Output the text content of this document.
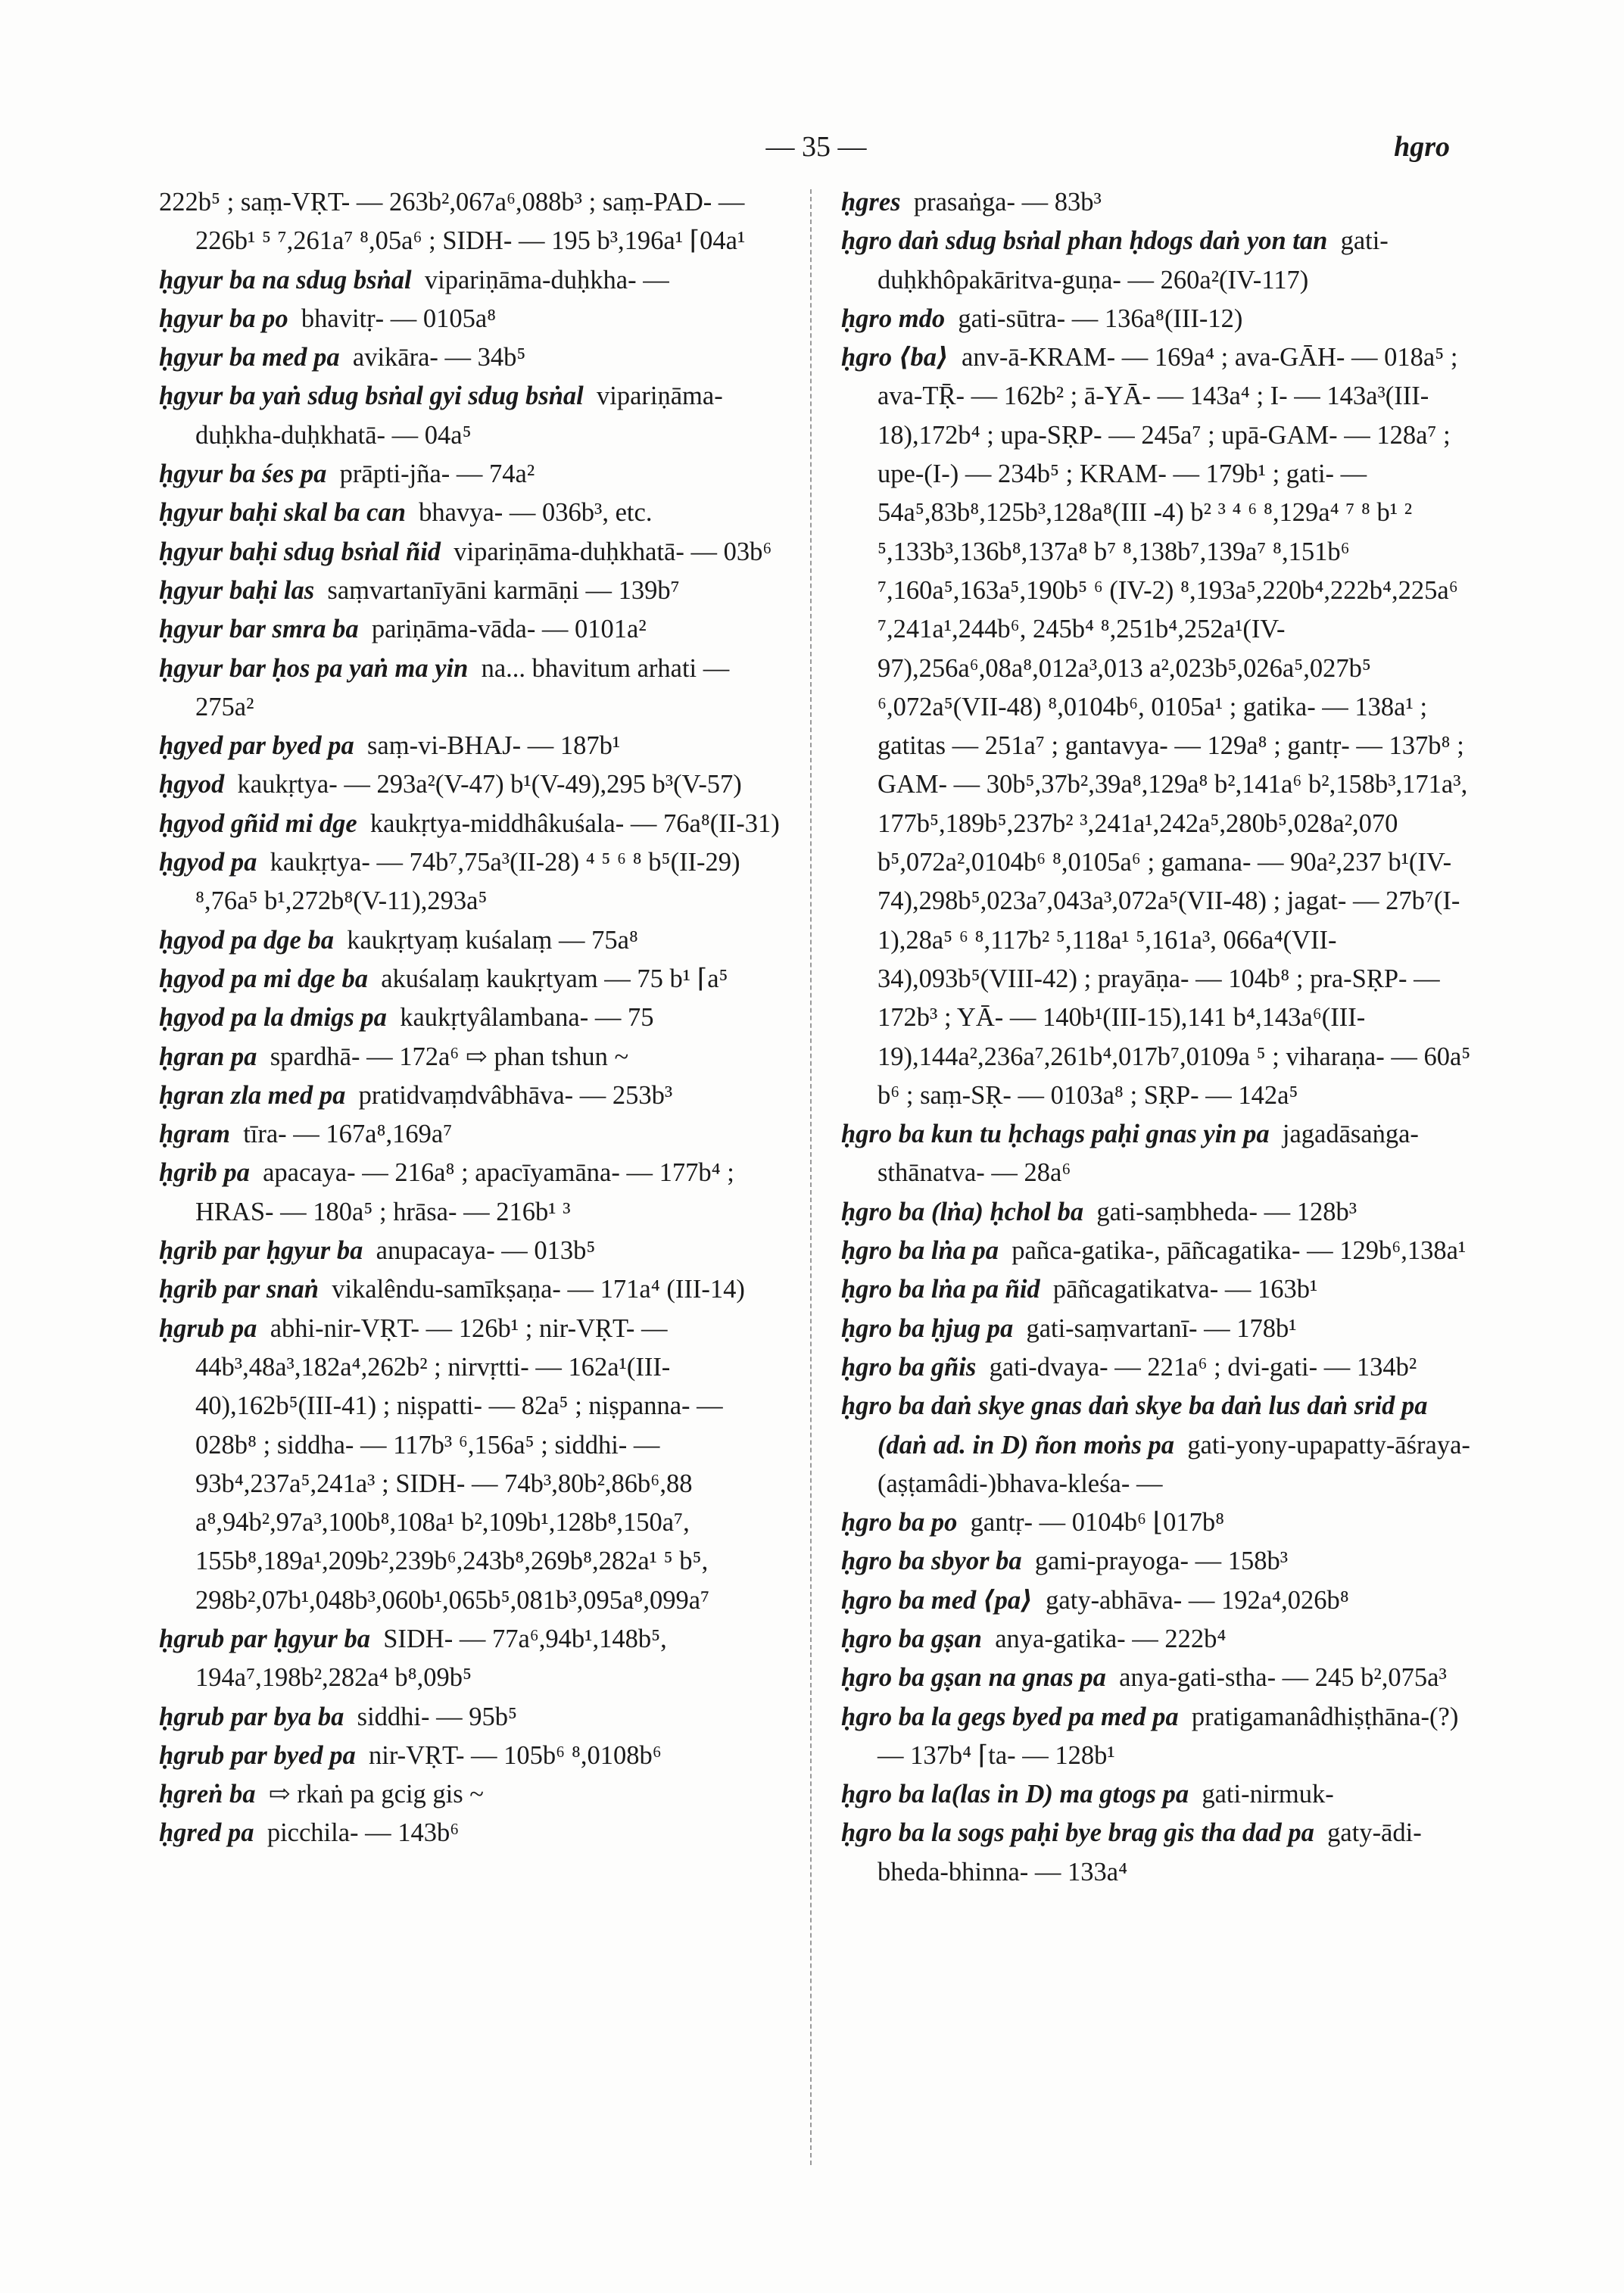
— 35 —	hgro
222b⁵ ; saṃ-VṚT- — 263b²,067a⁶,088b³ ; saṃ-PAD- — 226b¹ ⁵ ⁷,261a⁷ ⁸,05a⁶ ; SIDH- — 195 b³,196a¹ ⌈04a¹
ḥgyur ba na sdug bsṅal vipariṇāma-duḥkha- —
ḥgyur ba po bhavitṛ- — 0105a⁸
ḥgyur ba med pa avikāra- — 34b⁵
ḥgyur ba yaṅ sdug bsṅal gyi sdug bsṅal vipariṇāma-duḥkha-duḥkhatā- — 04a⁵
ḥgyur ba śes pa prāpti-jña- — 74a²
ḥgyur baḥi skal ba can bhavya- — 036b³, etc.
ḥgyur baḥi sdug bsṅal ñid vipariṇāma-duḥkhatā- — 03b⁶
ḥgyur baḥi las saṃvartanīyāni karmāṇi — 139b⁷
ḥgyur bar smra ba pariṇāma-vāda- — 0101a²
ḥgyur bar ḥos pa yaṅ ma yin na... bhavitum arhati — 275a²
ḥgyed par byed pa saṃ-vi-BHAJ- — 187b¹
ḥgyod kaukṛtya- — 293a²(V-47) b¹(V-49),295 b³(V-57)
ḥgyod gñid mi dge kaukṛtya-middhâkuśala- — 76a⁸(II-31)
ḥgyod pa kaukṛtya- — 74b⁷,75a³(II-28) ⁴ ⁵ ⁶ ⁸ b⁵(II-29) ⁸,76a⁵ b¹,272b⁸(V-11),293a⁵
ḥgyod pa dge ba kaukṛtyaṃ kuśalaṃ — 75a⁸
ḥgyod pa mi dge ba akuśalaṃ kaukṛtyam — 75 b¹ ⌈a⁵
ḥgyod pa la dmigs pa kaukṛtyâlambana- — 75
ḥgran pa spardhā- — 172a⁶ ⇨ phan tshun ~
ḥgran zla med pa pratidvaṃdvâbhāva- — 253b³
ḥgram tīra- — 167a⁸,169a⁷
ḥgrib pa apacaya- — 216a⁸ ; apacīyamāna- — 177b⁴ ; HRAS- — 180a⁵ ; hrāsa- — 216b¹ ³
ḥgrib par ḥgyur ba anupacaya- — 013b⁵
ḥgrib par snaṅ vikalêndu-samīkṣaṇa- — 171a⁴ (III-14)
ḥgrub pa abhi-nir-VṚT- — 126b¹ ; nir-VṚT- — 44b³,48a³,182a⁴,262b² ; nirvṛtti- — 162a¹(III-40),162b⁵(III-41) ; niṣpatti- — 82a⁵ ; niṣpanna- — 028b⁸ ; siddha- — 117b³ ⁶,156a⁵ ; siddhi- — 93b⁴,237a⁵,241a³ ; SIDH- — 74b³,80b²,86b⁶,88 a⁸,94b²,97a³,100b⁸,108a¹ b²,109b¹,128b⁸,150a⁷, 155b⁸,189a¹,209b²,239b⁶,243b⁸,269b⁸,282a¹ ⁵ b⁵, 298b²,07b¹,048b³,060b¹,065b⁵,081b³,095a⁸,099a⁷
ḥgrub par ḥgyur ba SIDH- — 77a⁶,94b¹,148b⁵, 194a⁷,198b²,282a⁴ b⁸,09b⁵
ḥgrub par bya ba siddhi- — 95b⁵
ḥgrub par byed pa nir-VṚT- — 105b⁶ ⁸,0108b⁶
ḥgreṅ ba ⇨ rkaṅ pa gcig gis ~
ḥgred pa picchila- — 143b⁶
ḥgres prasaṅga- — 83b³
ḥgro daṅ sdug bsṅal phan ḥdogs daṅ yon tan gati-duḥkhôpakāritva-guṇa- — 260a²(IV-117)
ḥgro mdo gati-sūtra- — 136a⁸(III-12)
ḥgro ⟨ba⟩ anv-ā-KRAM- — 169a⁴ ; ava-GĀH- — 018a⁵ ; ava-TṜ- — 162b² ; ā-YĀ- — 143a⁴ ; I- — 143a³(III-18),172b⁴ ; upa-SṚP- — 245a⁷ ; upā-GAM- — 128a⁷ ; upe-(I-) — 234b⁵ ; KRAM- — 179b¹ ; gati- — 54a⁵,83b⁸,125b³,128a⁸(III -4) b² ³ ⁴ ⁶ ⁸,129a⁴ ⁷ ⁸ b¹ ² ⁵,133b³,136b⁸,137a⁸ b⁷ ⁸,138b⁷,139a⁷ ⁸,151b⁶ ⁷,160a⁵,163a⁵,190b⁵ ⁶ (IV-2) ⁸,193a⁵,220b⁴,222b⁴,225a⁶ ⁷,241a¹,244b⁶, 245b⁴ ⁸,251b⁴,252a¹(IV-97),256a⁶,08a⁸,012a³,013 a²,023b⁵,026a⁵,027b⁵ ⁶,072a⁵(VII-48) ⁸,0104b⁶, 0105a¹ ; gatika- — 138a¹ ; gatitas — 251a⁷ ; gantavya- — 129a⁸ ; gantṛ- — 137b⁸ ; GAM- — 30b⁵,37b²,39a⁸,129a⁸ b²,141a⁶ b²,158b³,171a³, 177b⁵,189b⁵,237b² ³,241a¹,242a⁵,280b⁵,028a²,070 b⁵,072a²,0104b⁶ ⁸,0105a⁶ ; gamana- — 90a²,237 b¹(IV-74),298b⁵,023a⁷,043a³,072a⁵(VII-48) ; jagat- — 27b⁷(I-1),28a⁵ ⁶ ⁸,117b² ⁵,118a¹ ⁵,161a³, 066a⁴(VII-34),093b⁵(VIII-42) ; prayāṇa- — 104b⁸ ; pra-SṚP- — 172b³ ; YĀ- — 140b¹(III-15),141 b⁴,143a⁶(III-19),144a²,236a⁷,261b⁴,017b⁷,0109a ⁵ ; viharaṇa- — 60a⁵ b⁶ ; saṃ-SṚ- — 0103a⁸ ; SṚP- — 142a⁵
ḥgro ba kun tu ḥchags paḥi gnas yin pa jagadāsaṅga-sthānatva- — 28a⁶
ḥgro ba (lṅa) ḥchol ba gati-saṃbheda- — 128b³
ḥgro ba lṅa pa pañca-gatika-, pāñcagatika- — 129b⁶,138a¹
ḥgro ba lṅa pa ñid pāñcagatikatva- — 163b¹
ḥgro ba ḥjug pa gati-saṃvartanī- — 178b¹
ḥgro ba gñis gati-dvaya- — 221a⁶ ; dvi-gati- — 134b²
ḥgro ba daṅ skye gnas daṅ skye ba daṅ lus daṅ srid pa (daṅ ad. in D) ñon moṅs pa gati-yony-upapatty-āśraya-(aṣṭamâdi-)bhava-kleśa- —
ḥgro ba po gantṛ- — 0104b⁶ ⌊017b⁸
ḥgro ba sbyor ba gami-prayoga- — 158b³
ḥgro ba med ⟨pa⟩ gaty-abhāva- — 192a⁴,026b⁸
ḥgro ba gṣan anya-gatika- — 222b⁴
ḥgro ba gṣan na gnas pa anya-gati-stha- — 245 b²,075a³
ḥgro ba la gegs byed pa med pa pratigamanâdhiṣṭhāna-(?) — 137b⁴ ⌈ta- — 128b¹
ḥgro ba la(las in D) ma gtogs pa gati-nirmuk-
ḥgro ba la sogs paḥi bye brag gis tha dad pa gaty-ādi-bheda-bhinna- — 133a⁴
